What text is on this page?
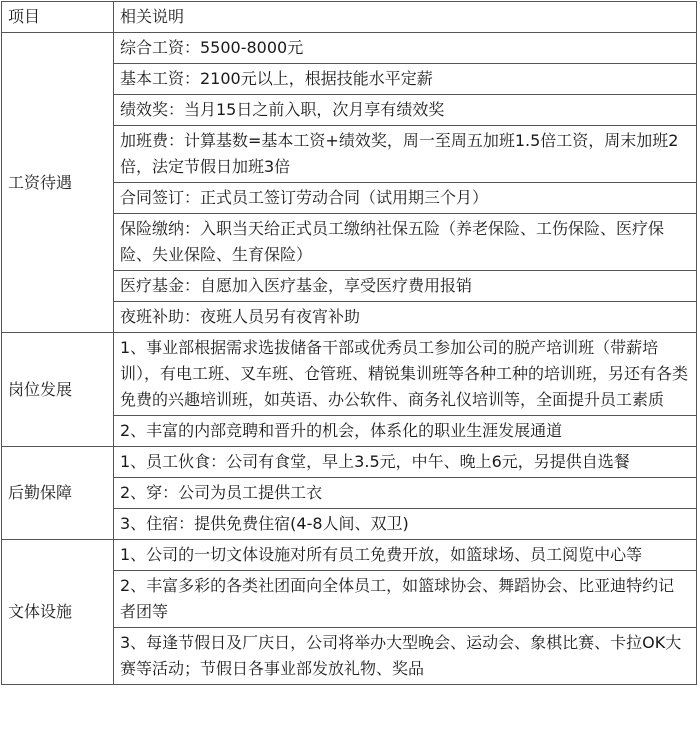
项目	相关说明
工资待遇	综合工资：5500-8000元
	基本工资：2100元以上，根据技能水平定薪
	绩效奖：当月15日之前入职，次月享有绩效奖
	加班费：计算基数=基本工资+绩效奖，周一至周五加班1.5倍工资，周末加班2倍，法定节假日加班3倍
	合同签订：正式员工签订劳动合同（试用期三个月）
	保险缴纳：入职当天给正式员工缴纳社保五险（养老保险、工伤保险、医疗保险、失业保险、生育保险）
	医疗基金：自愿加入医疗基金，享受医疗费用报销
	夜班补助：夜班人员另有夜宵补助
岗位发展	1、事业部根据需求选拔储备干部或优秀员工参加公司的脱产培训班（带薪培训），有电工班、叉车班、仓管班、精锐集训班等各种工种的培训班，另还有各类免费的兴趣培训班，如英语、办公软件、商务礼仪培训等，全面提升员工素质
	2、丰富的内部竞聘和晋升的机会，体系化的职业生涯发展通道
后勤保障	1、员工伙食：公司有食堂，早上3.5元，中午、晚上6元，另提供自选餐
	2、穿：公司为员工提供工衣
	3、住宿：提供免费住宿(4-8人间、双卫)
文体设施	1、公司的一切文体设施对所有员工免费开放，如篮球场、员工阅览中心等
	2、丰富多彩的各类社团面向全体员工，如篮球协会、舞蹈协会、比亚迪特约记者团等
	3、每逢节假日及厂庆日，公司将举办大型晚会、运动会、象棋比赛、卡拉OK大赛等活动；节假日各事业部发放礼物、奖品
